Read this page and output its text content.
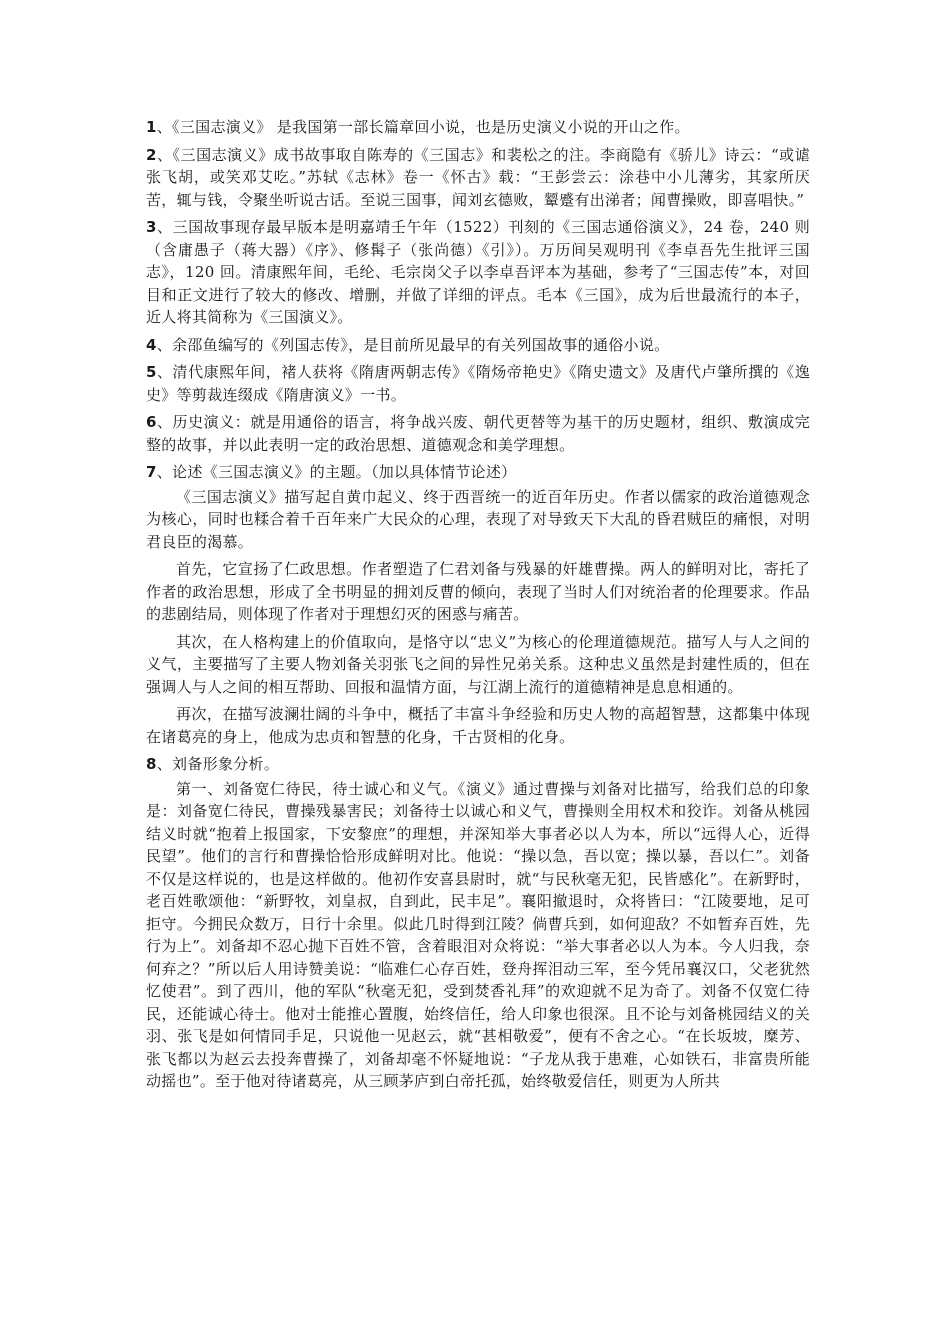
1、《三国志演义》 是我国第一部长篇章回小说，也是历史演义小说的开山之作。

2、《三国志演义》成书故事取自陈寿的《三国志》和裴松之的注。李商隐有《骄儿》诗云：“或谑张飞胡，或笑邓艾吃。”苏轼《志林》卷一《怀古》载：“王彭尝云：涂巷中小儿薄劣，其家所厌苦，辄与钱，令聚坐听说古话。至说三国事，闻刘玄德败，颦蹙有出涕者；闻曹操败，即喜唱快。”

3、三国故事现存最早版本是明嘉靖壬午年（1522）刊刻的《三国志通俗演义》，24 卷，240 则（含庸愚子（蒋大器）《序》、修髯子（张尚德）《引》）。万历间吴观明刊《李卓吾先生批评三国志》，120 回。清康熙年间，毛纶、毛宗岗父子以李卓吾评本为基础，参考了“三国志传”本，对回目和正文进行了较大的修改、增删，并做了详细的评点。毛本《三国》，成为后世最流行的本子，近人将其简称为《三国演义》。

4、余邵鱼编写的《列国志传》，是目前所见最早的有关列国故事的通俗小说。

5、清代康熙年间，褚人获将《隋唐两朝志传》《隋炀帝艳史》《隋史遗文》及唐代卢肇所撰的《逸史》等剪裁连缀成《隋唐演义》一书。

6、历史演义：就是用通俗的语言，将争战兴废、朝代更替等为基干的历史题材，组织、敷演成完整的故事，并以此表明一定的政治思想、道德观念和美学理想。

7、论述《三国志演义》的主题。（加以具体情节论述）

《三国志演义》描写起自黄巾起义、终于西晋统一的近百年历史。作者以儒家的政治道德观念为核心，同时也糅合着千百年来广大民众的心理，表现了对导致天下大乱的昏君贼臣的痛恨，对明君良臣的渴慕。

首先，它宣扬了仁政思想。作者塑造了仁君刘备与残暴的奸雄曹操。两人的鲜明对比，寄托了作者的政治思想，形成了全书明显的拥刘反曹的倾向，表现了当时人们对统治者的伦理要求。作品的悲剧结局，则体现了作者对于理想幻灭的困惑与痛苦。

其次，在人格构建上的价值取向，是恪守以“忠义”为核心的伦理道德规范。描写人与人之间的义气，主要描写了主要人物刘备关羽张飞之间的异性兄弟关系。这种忠义虽然是封建性质的，但在强调人与人之间的相互帮助、回报和温情方面，与江湖上流行的道德精神是息息相通的。

再次，在描写波澜壮阔的斗争中，概括了丰富斗争经验和历史人物的高超智慧，这都集中体现在诸葛亮的身上，他成为忠贞和智慧的化身，千古贤相的化身。

8、刘备形象分析。

第一、刘备宽仁待民，待士诚心和义气。《演义》通过曹操与刘备对比描写，给我们总的印象是：刘备宽仁待民，曹操残暴害民；刘备待士以诚心和义气，曹操则全用权术和狡诈。刘备从桃园结义时就“抱着上报国家，下安黎庶”的理想，并深知举大事者必以人为本，所以“远得人心，近得民望”。他们的言行和曹操恰恰形成鲜明对比。他说：“操以急，吾以宽；操以暴，吾以仁”。刘备不仅是这样说的，也是这样做的。他初作安喜县尉时，就“与民秋毫无犯，民皆感化”。在新野时，老百姓歌颂他：“新野牧，刘皇叔，自到此，民丰足”。襄阳撤退时，众将皆曰：“江陵要地，足可拒守。今拥民众数万，日行十余里。似此几时得到江陵？倘曹兵到，如何迎敌？不如暂弃百姓，先行为上”。刘备却不忍心抛下百姓不管，含着眼泪对众将说：“举大事者必以人为本。今人归我，奈何弃之？”所以后人用诗赞美说：“临难仁心存百姓，登舟挥泪动三军，至今凭吊襄汉口，父老犹然忆使君”。到了西川，他的军队“秋毫无犯，受到焚香礼拜”的欢迎就不足为奇了。刘备不仅宽仁待民，还能诚心待士。他对士能推心置腹，始终信任，给人印象也很深。且不论与刘备桃园结义的关羽、张飞是如何情同手足，只说他一见赵云，就“甚相敬爱”，便有不舍之心。“在长坂坡，糜芳、张飞都以为赵云去投奔曹操了，刘备却毫不怀疑地说：“子龙从我于患难，心如铁石，非富贵所能动摇也”。至于他对待诸葛亮，从三顾茅庐到白帝托孤，始终敬爱信任，则更为人所共
